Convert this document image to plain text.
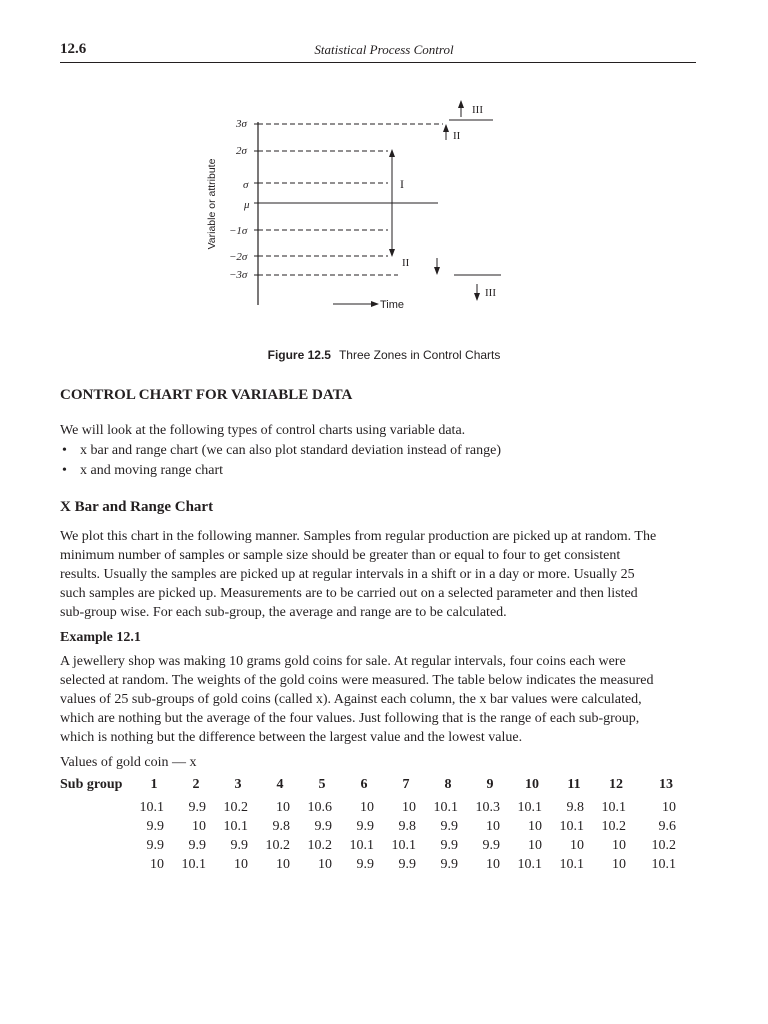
12.6	Statistical Process Control
Variable or attribute
3σ
2σ
σ
μ
−1σ
−2σ
−3σ
I
II
III
II
III
Time
Figure 12.5 Three Zones in Control Charts
CONTROL CHART FOR VARIABLE DATA
We will look at the following types of control charts using variable data.
• x bar and range chart (we can also plot standard deviation instead of range)
• x and moving range chart
X Bar and Range Chart
We plot this chart in the following manner. Samples from regular production are picked up at random. The
minimum number of samples or sample size should be greater than or equal to four to get consistent
results. Usually the samples are picked up at regular intervals in a shift or in a day or more. Usually 25
such samples are picked up. Measurements are to be carried out on a selected parameter and then listed
sub-group wise. For each sub-group, the average and range are to be calculated.
Example 12.1
A jewellery shop was making 10 grams gold coins for sale. At regular intervals, four coins each were
selected at random. The weights of the gold coins were measured. The table below indicates the measured
values of 25 sub-groups of gold coins (called x). Against each column, the x bar values were calculated,
which are nothing but the average of the four values. Just following that is the range of each sub-group,
which is nothing but the difference between the largest value and the lowest value.
Values of gold coin — x
Sub group	1	2	3	4	5	6	7	8	9	10 11 12	13
10.1	9.9	10.2	10	10.6	10	10	10.1	10.3	10.1	9.8	10.1	10
9.9	10	10.1	9.8	9.9	9.9	9.8	9.9	10	10	10.1	10.2	9.6
9.9	9.9	9.9	10.2	10.2	10.1	10.1	9.9	9.9	10	10	10	10.2
10	10.1	10	10	10	9.9	9.9	9.9	10	10.1	10.1	10	10.1
